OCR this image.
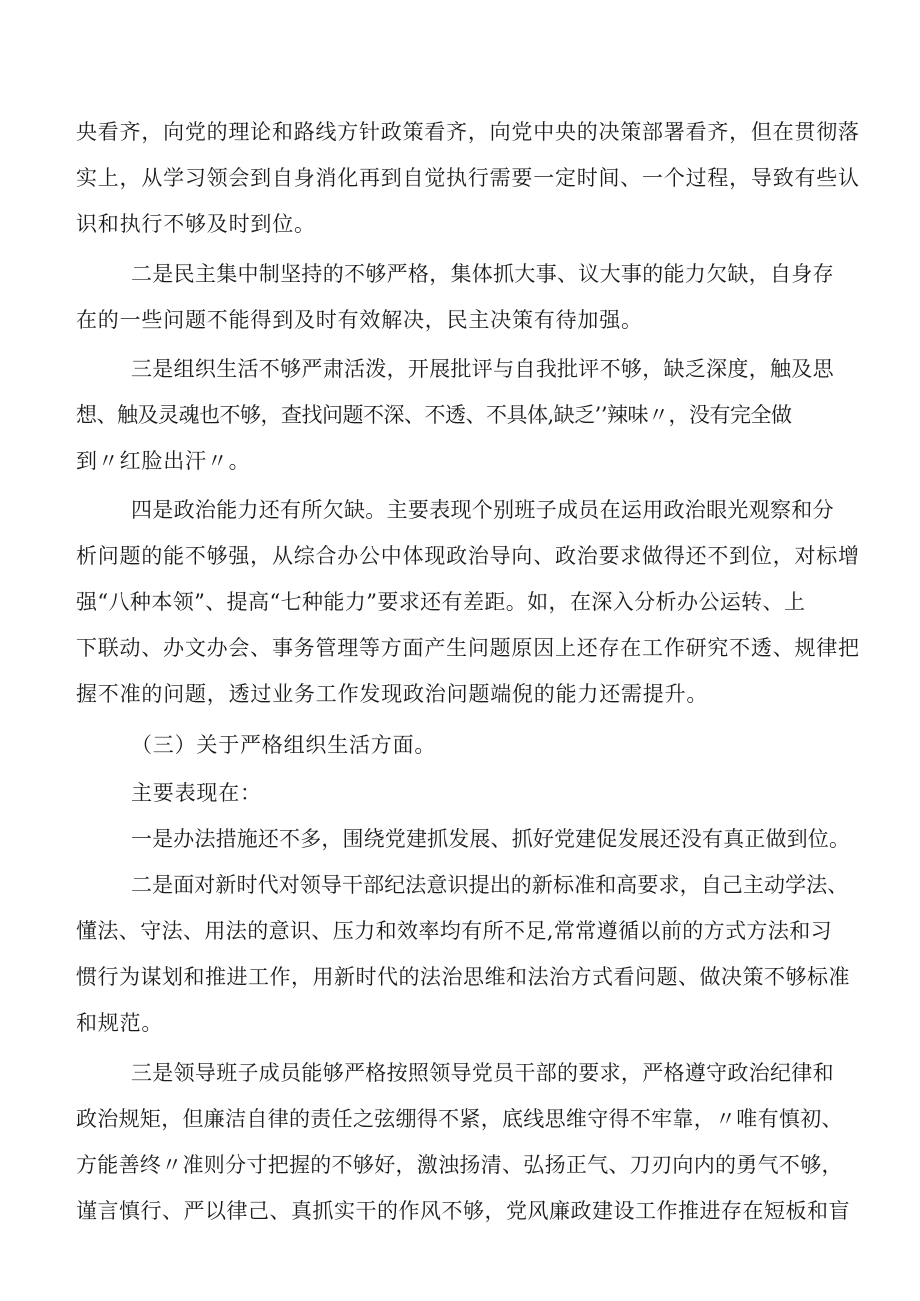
央看齐，向党的理论和路线方针政策看齐，向党中央的决策部署看齐，但在贯彻落
实上，从学习领会到自身消化再到自觉执行需要一定时间、一个过程，导致有些认
识和执行不够及时到位。
二是民主集中制坚持的不够严格，集体抓大事、议大事的能力欠缺，自身存
在的一些问题不能得到及时有效解决，民主决策有待加强。
三是组织生活不够严肃活泼，开展批评与自我批评不够，缺乏深度，触及思
想、触及灵魂也不够，查找问题不深、不透、不具体,缺乏’’辣味〃，没有完全做
到〃红脸出汗〃。
四是政治能力还有所欠缺。主要表现个别班子成员在运用政治眼光观察和分
析问题的能不够强，从综合办公中体现政治导向、政治要求做得还不到位，对标增
强“八种本领”、提高“七种能力”要求还有差距。如，在深入分析办公运转、上
下联动、办文办会、事务管理等方面产生问题原因上还存在工作研究不透、规律把
握不准的问题，透过业务工作发现政治问题端倪的能力还需提升。
（三）关于严格组织生活方面。
主要表现在：
一是办法措施还不多，围绕党建抓发展、抓好党建促发展还没有真正做到位。
二是面对新时代对领导干部纪法意识提出的新标准和高要求，自己主动学法、
懂法、守法、用法的意识、压力和效率均有所不足,常常遵循以前的方式方法和习
惯行为谋划和推进工作，用新时代的法治思维和法治方式看问题、做决策不够标准
和规范。
三是领导班子成员能够严格按照领导党员干部的要求，严格遵守政治纪律和
政治规矩，但廉洁自律的责任之弦绷得不紧，底线思维守得不牢靠，〃唯有慎初、
方能善终〃准则分寸把握的不够好，激浊扬清、弘扬正气、刀刃向内的勇气不够，
谨言慎行、严以律己、真抓实干的作风不够，党风廉政建设工作推进存在短板和盲
